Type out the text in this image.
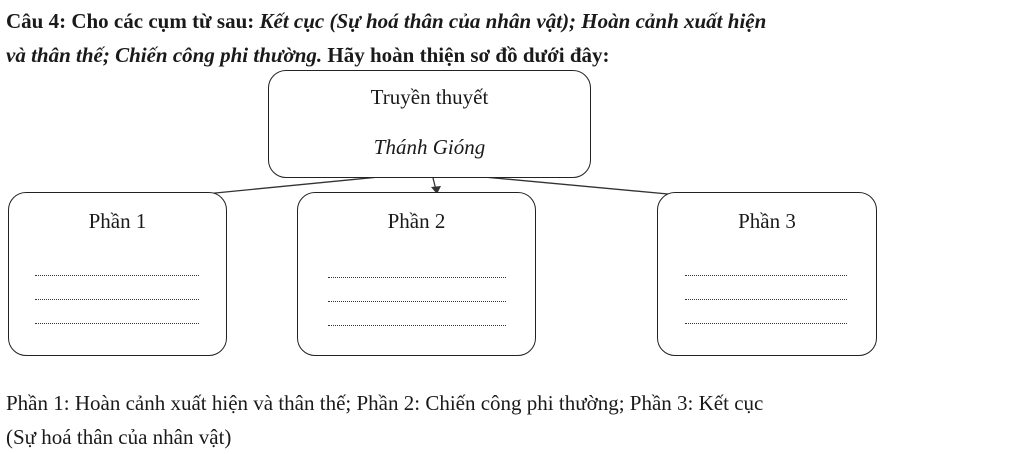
Câu 4: Cho các cụm từ sau: Kết cục (Sự hoá thân của nhân vật); Hoàn cảnh xuất hiện
và thân thế; Chiến công phi thường. Hãy hoàn thiện sơ đồ dưới đây:
Truyền thuyết
Thánh Gióng
Phần 1	Phần 2	Phần 3
Phần 1: Hoàn cảnh xuất hiện và thân thế; Phần 2: Chiến công phi thường; Phần 3: Kết cục
(Sự hoá thân của nhân vật)
